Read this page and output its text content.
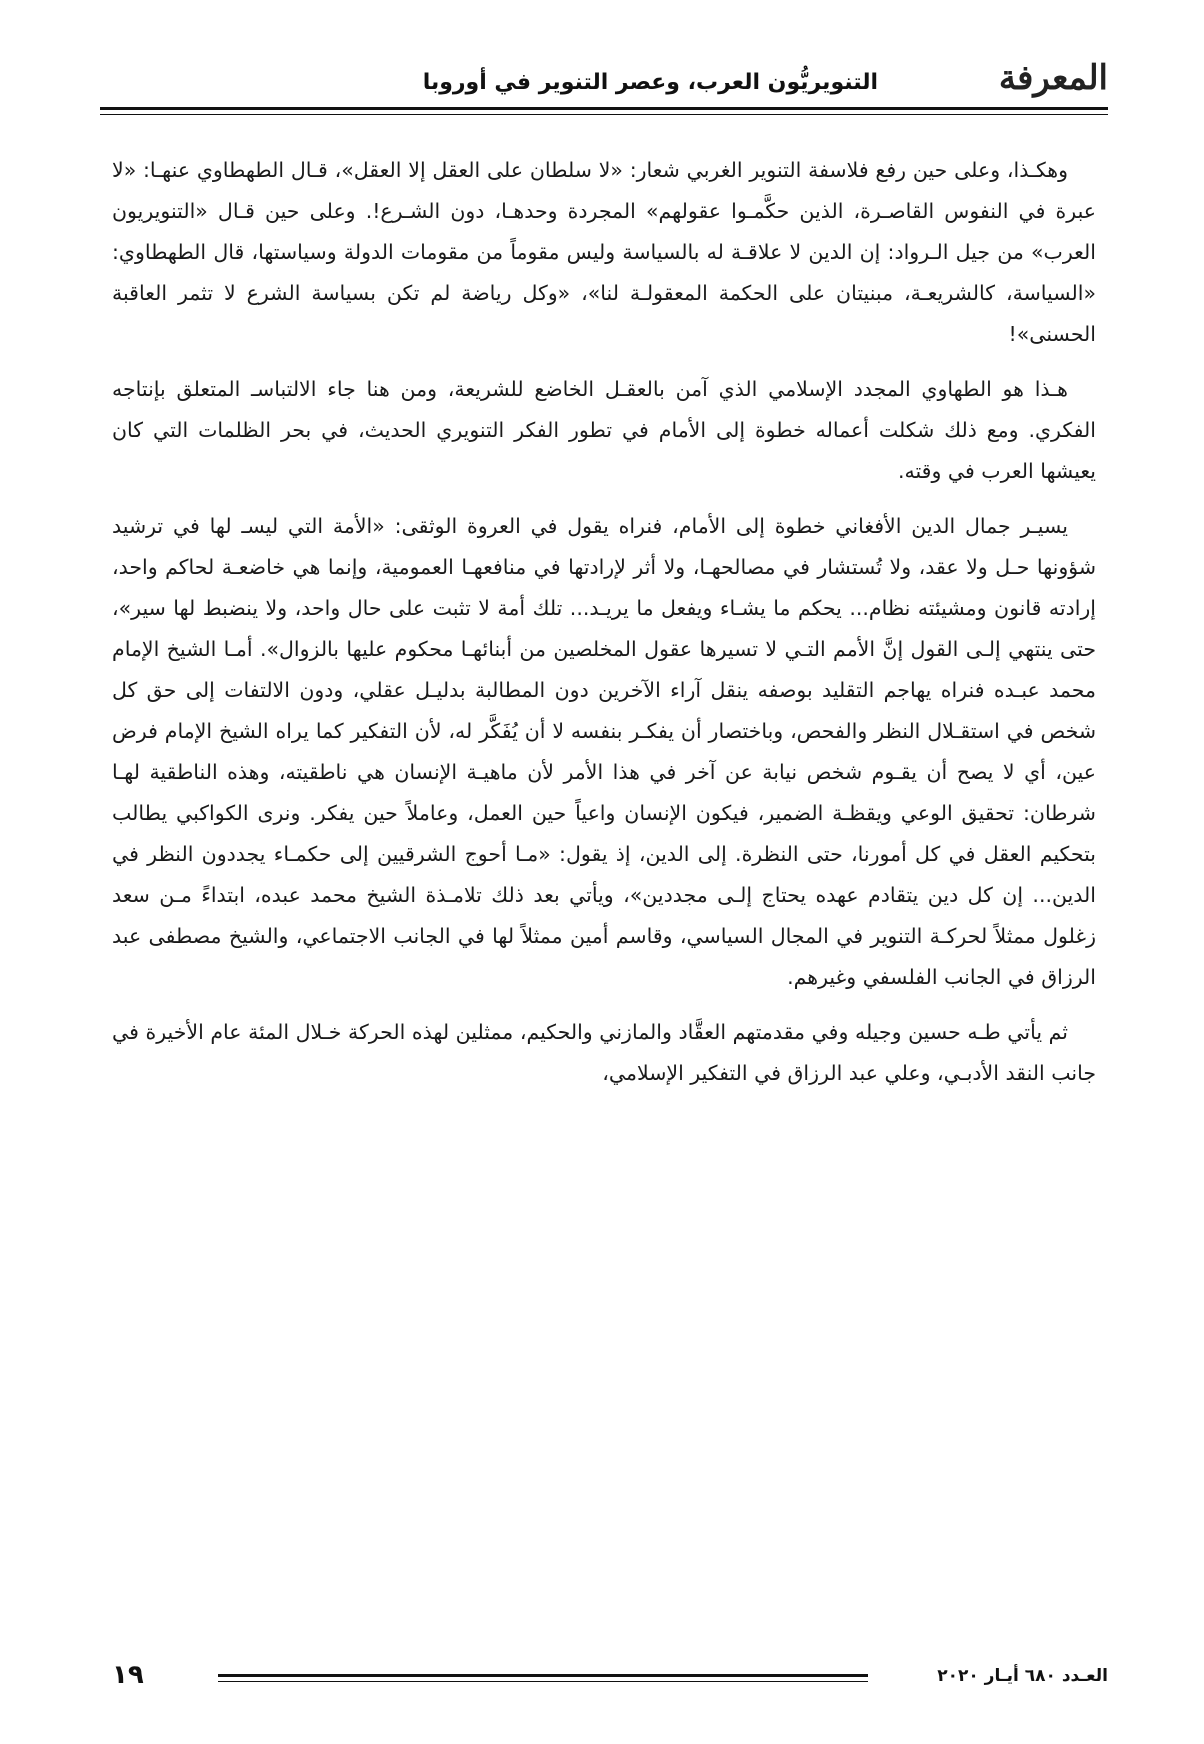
المعرفة
التنويريُّون العرب، وعصر التنوير في أوروبا

وهكـذا، وعلى حين رفع فلاسفة التنوير الغربي شعار: «لا سلطان على العقل إلا العقل»، قـال الطهطاوي عنهـا: «لا عبرة في النفوس القاصـرة، الذين حكَّمـوا عقولهم» المجردة وحدهـا، دون الشـرع!. وعلى حين قـال «التنويريون العرب» من جيل الـرواد: إن الدين لا علاقـة له بالسياسة وليس مقوماً من مقومات الدولة وسياستها، قال الطهطاوي: «السياسة، كالشريعـة، مبنيتان على الحكمة المعقولـة لنا»، «وكل رياضة لم تكن بسياسة الشرع لا تثمر العاقبة الحسنى»!

هـذا هو الطهاوي المجدد الإسلامي الذي آمن بالعقـل الخاضع للشريعة، ومن هنا جاء الالتباسـ المتعلق بإنتاجه الفكري. ومع ذلك شكلت أعماله خطوة إلى الأمام في تطور الفكر التنويري الحديث، في بحر الظلمات التي كان يعيشها العرب في وقته.

يسيـر جمال الدين الأفغاني خطوة إلى الأمام، فنراه يقول في العروة الوثقى: «الأمة التي ليسـ لها في ترشيد شؤونها حـل ولا عقد، ولا تُستشار في مصالحهـا، ولا أثر لإرادتها في منافعهـا العمومية، وإنما هي خاضعـة لحاكم واحد، إرادته قانون ومشيئته نظام... يحكم ما يشـاء ويفعل ما يريـد... تلك أمة لا تثبت على حال واحد، ولا ينضبط لها سير»، حتى ينتهي إلـى القول إنَّ الأمم التـي لا تسيرها عقول المخلصين من أبنائهـا محكوم عليها بالزوال». أمـا الشيخ الإمام محمد عبـده فنراه يهاجم التقليد بوصفه ينقل آراء الآخرين دون المطالبة بدليـل عقلي، ودون الالتفات إلى حق كل شخص في استقـلال النظر والفحص، وباختصار أن يفكـر بنفسه لا أن يُفَكَّر له، لأن التفكير كما يراه الشيخ الإمام فرض عين، أي لا يصح أن يقـوم شخص نيابة عن آخر في هذا الأمر لأن ماهيـة الإنسان هي ناطقيته، وهذه الناطقية لهـا شرطان: تحقيق الوعي ويقظـة الضمير، فيكون الإنسان واعياً حين العمل، وعاملاً حين يفكر. ونرى الكواكبي يطالب بتحكيم العقل في كل أمورنا، حتى النظرة. إلى الدين، إذ يقول: «مـا أحوج الشرقيين إلى حكمـاء يجددون النظر في الدين... إن كل دين يتقادم عهده يحتاج إلـى مجددين»، ويأتي بعد ذلك تلامـذة الشيخ محمد عبده، ابتداءً مـن سعد زغلول ممثلاً لحركـة التنوير في المجال السياسي، وقاسم أمين ممثلاً لها في الجانب الاجتماعي، والشيخ مصطفى عبد الرزاق في الجانب الفلسفي وغيرهم.

ثم يأتي طـه حسين وجيله وفي مقدمتهم العقَّاد والمازني والحكيم، ممثلين لهذه الحركة خـلال المئة عام الأخيرة في جانب النقد الأدبـي، وعلي عبد الرزاق في التفكير الإسلامي،

١٩	العـدد ٦٨٠ أيـار ٢٠٢٠
